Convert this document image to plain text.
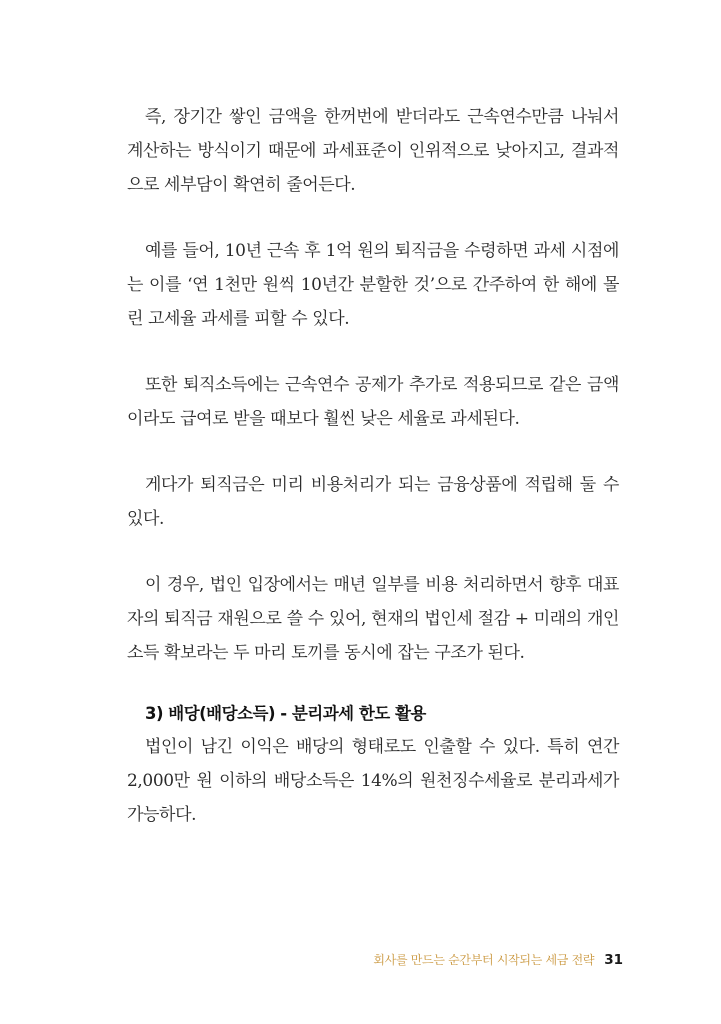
즉, 장기간 쌓인 금액을 한꺼번에 받더라도 근속연수만큼 나눠서 계산하는 방식이기 때문에 과세표준이 인위적으로 낮아지고, 결과적으로 세부담이 확연히 줄어든다.

예를 들어, 10년 근속 후 1억 원의 퇴직금을 수령하면 과세 시점에는 이를 ‘연 1천만 원씩 10년간 분할한 것’으로 간주하여 한 해에 몰린 고세율 과세를 피할 수 있다.

또한 퇴직소득에는 근속연수 공제가 추가로 적용되므로 같은 금액이라도 급여로 받을 때보다 훨씬 낮은 세율로 과세된다.

게다가 퇴직금은 미리 비용처리가 되는 금융상품에 적립해 둘 수 있다.

이 경우, 법인 입장에서는 매년 일부를 비용 처리하면서 향후 대표자의 퇴직금 재원으로 쓸 수 있어, 현재의 법인세 절감 + 미래의 개인소득 확보라는 두 마리 토끼를 동시에 잡는 구조가 된다.

3) 배당(배당소득) - 분리과세 한도 활용

법인이 남긴 이익은 배당의 형태로도 인출할 수 있다. 특히 연간 2,000만 원 이하의 배당소득은 14%의 원천징수세율로 분리과세가 가능하다.

회사를 만드는 순간부터 시작되는 세금 전략 31
